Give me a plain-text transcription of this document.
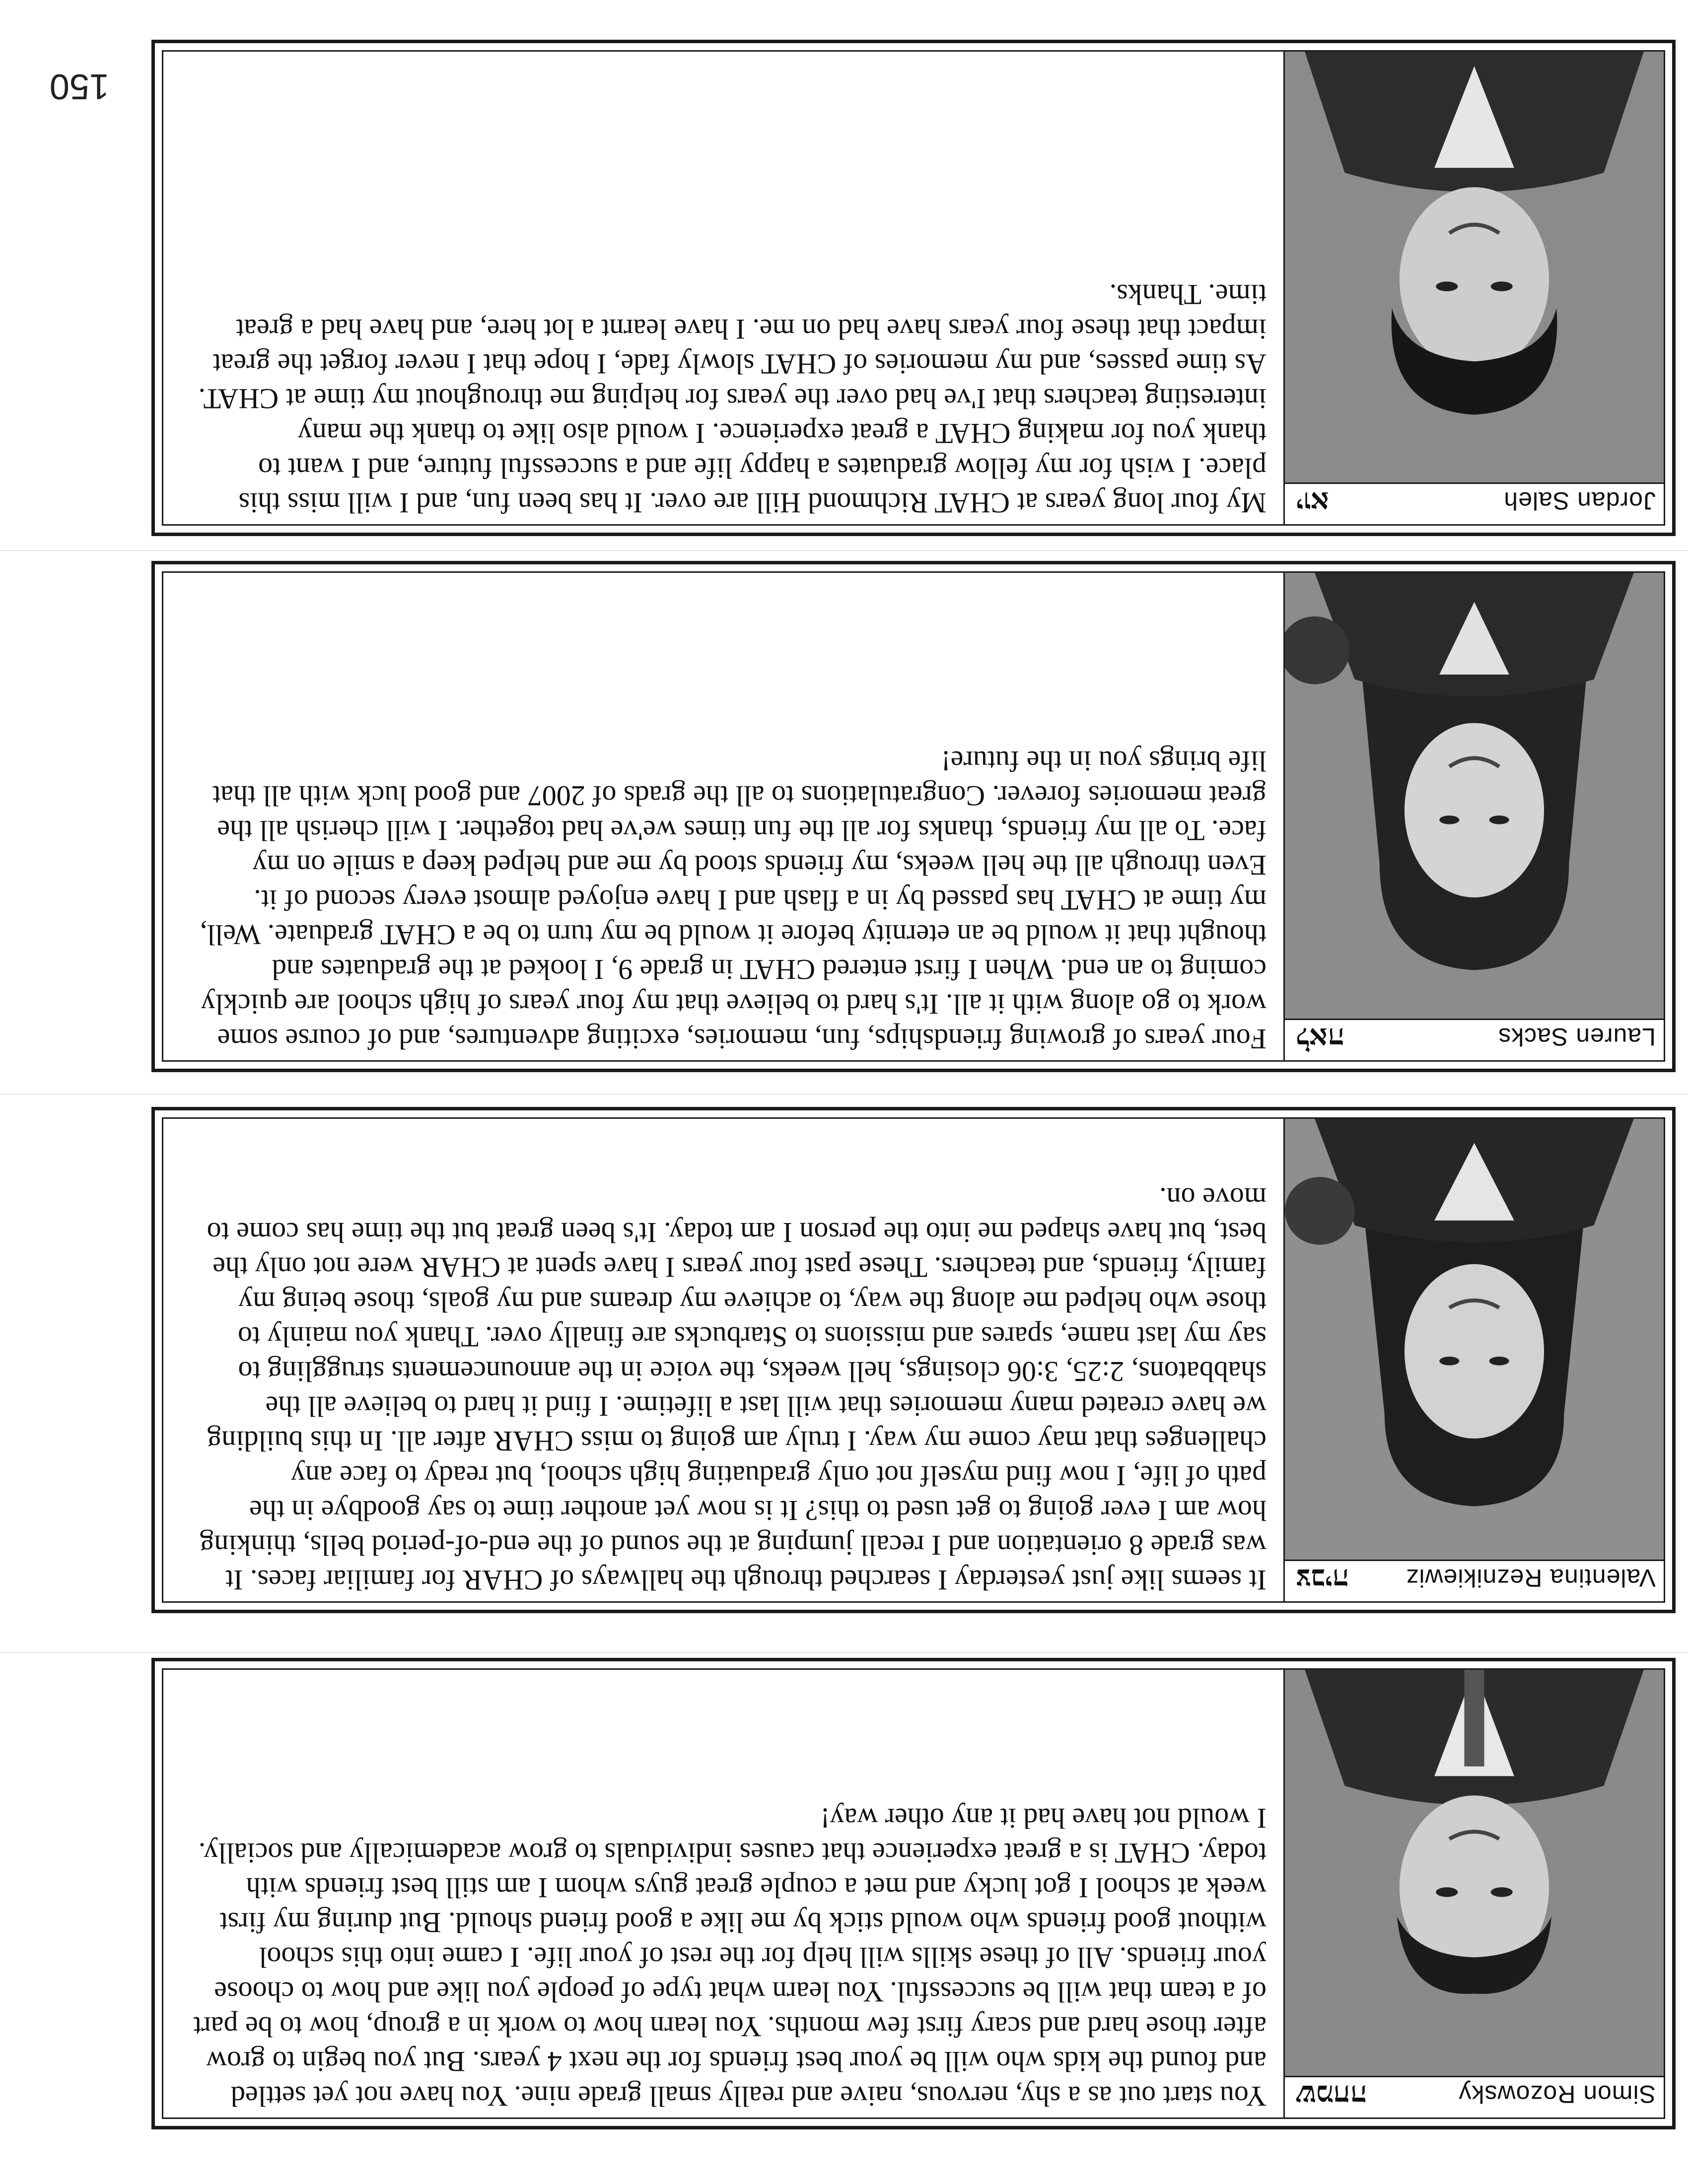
150
Simon Rozowsky
שמחה
You start out as a shy, nervous, naive and really small grade nine. You have not yet settled and found the kids who will be your best friends for the next 4 years. But you begin to grow after those hard and scary first few months. You learn how to work in a group, how to be part of a team that will be successful. You learn what type of people you like and how to choose your friends. All of these skills will help for the rest of your life. I came into this school without good friends who would stick by me like a good friend should. But during my first week at school I got lucky and met a couple great guys whom I am still best friends with today. CHAT is a great experience that causes individuals to grow academically and socially. I would not have had it any other way!
Valentina Reznikiewiz
צביה
It seems like just yesterday I searched through the hallways of CHAR for familiar faces. It was grade 8 orientation and I recall jumping at the sound of the end-of-period bells, thinking how am I ever going to get used to this? It is now yet another time to say goodbye in the path of life, I now find myself not only graduating high school, but ready to face any challenges that may come my way. I truly am going to miss CHAR after all. In this building we have created many memories that will last a lifetime. I find it hard to believe all the shabbatons, 2:25, 3:06 closings, hell weeks, the voice in the announcements struggling to say my last name, spares and missions to Starbucks are finally over. Thank you mainly to those who helped me along the way, to achieve my dreams and my goals, those being my family, friends, and teachers. These past four years I have spent at CHAR were not only the best, but have shaped me into the person I am today. It's been great but the time has come to move on.
Lauren Sacks
לאה
Four years of growing friendships, fun, memories, exciting adventures, and of course some work to go along with it all. It's hard to believe that my four years of high school are quickly coming to an end. When I first entered CHAT in grade 9, I looked at the graduates and thought that it would be an eternity before it would be my turn to be a CHAT graduate. Well, my time at CHAT has passed by in a flash and I have enjoyed almost every second of it. Even through all the hell weeks, my friends stood by me and helped keep a smile on my face. To all my friends, thanks for all the fun times we've had together. I will cherish all the great memories forever. Congratulations to all the grads of 2007 and good luck with all that life brings you in the future!
Jordan Saleh
יוא
My four long years at CHAT Richmond Hill are over. It has been fun, and I will miss this place. I wish for my fellow graduates a happy life and a successful future, and I want to thank you for making CHAT a great experience. I would also like to thank the many interesting teachers that I've had over the years for helping me throughout my time at CHAT. As time passes, and my memories of CHAT slowly fade, I hope that I never forget the great impact that these four years have had on me. I have learnt a lot here, and have had a great time. Thanks.
